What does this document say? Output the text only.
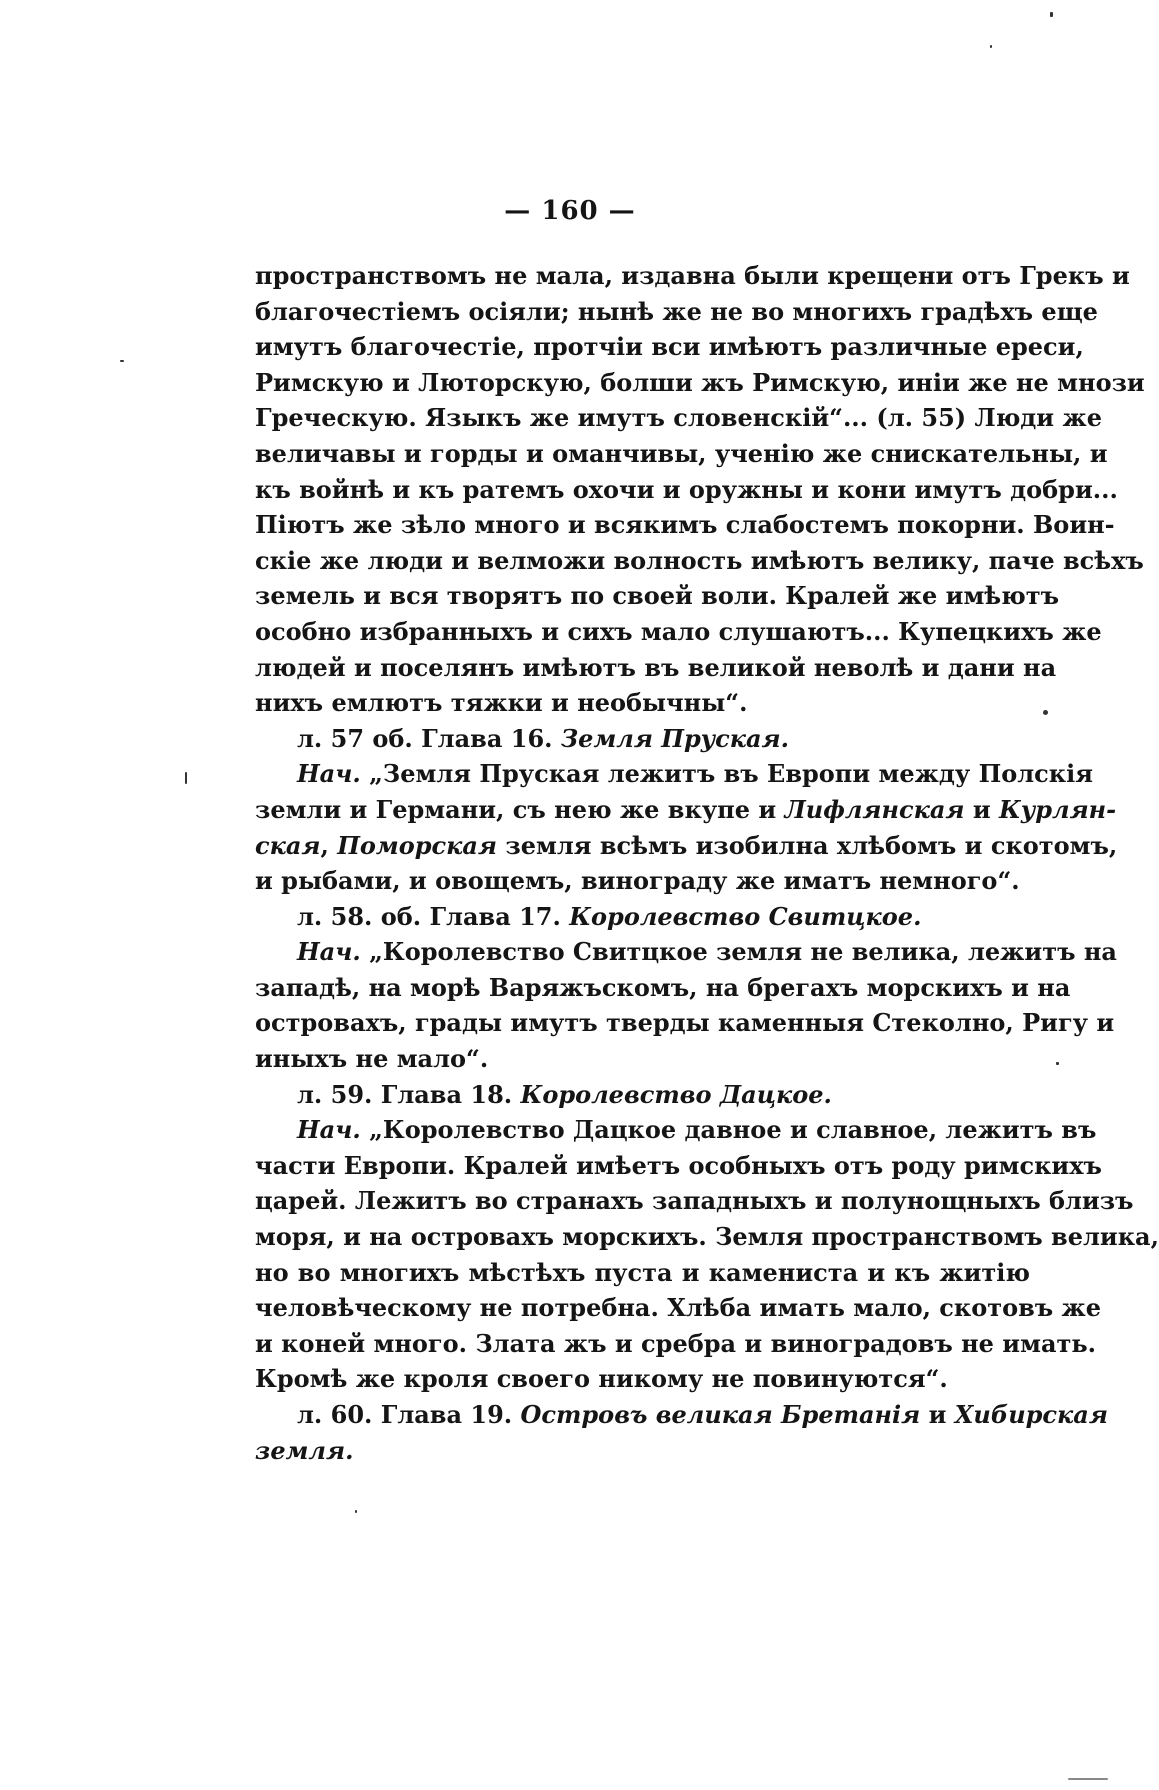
— 160 —
пространствомъ не мала, издавна были крещени отъ Грекъ и
благочестіемъ осіяли; нынѣ же не во многихъ градѣхъ еще
имутъ благочестіе, протчіи вси имѣютъ различные ереси,
Римскую и Люторскую, болши жъ Римскую, иніи же не мнози
Греческую. Языкъ же имутъ словенскій“... (л. 55) Люди же
величавы и горды и оманчивы, ученію же снискательны, и
къ войнѣ и къ ратемъ охочи и оружны и кони имутъ добри...
Піютъ же зѣло много и всякимъ слабостемъ покорни. Воин-
скіе же люди и велможи волность имѣютъ велику, паче всѣхъ
земель и вся творятъ по своей воли. Кралей же имѣютъ
особно избранныхъ и сихъ мало слушаютъ... Купецкихъ же
людей и поселянъ имѣютъ въ великой неволѣ и дани на
нихъ емлютъ тяжки и необычны“.
л. 57 об. Глава 16. Земля Пруская.
Нач. „Земля Пруская лежитъ въ Европи между Полскія
земли и Германи, съ нею же вкупе и Лифлянская и Курлян-
ская, Поморская земля всѣмъ изобилна хлѣбомъ и скотомъ,
и рыбами, и овощемъ, винограду же иматъ немного“.
л. 58. об. Глава 17. Королевство Свитцкое.
Нач. „Королевство Свитцкое земля не велика, лежитъ на
западѣ, на морѣ Варяжъскомъ, на брегахъ морскихъ и на
островахъ, грады имутъ тверды каменныя Стеколно, Ригу и
иныхъ не мало“.
л. 59. Глава 18. Королевство Дацкое.
Нач. „Королевство Дацкое давное и славное, лежитъ въ
части Европи. Кралей имѣетъ особныхъ отъ роду римскихъ
царей. Лежитъ во странахъ западныхъ и полунощныхъ близъ
моря, и на островахъ морскихъ. Земля пространствомъ велика,
но во многихъ мѣстѣхъ пуста и камениста и къ житію
человѣческому не потребна. Хлѣба имать мало, скотовъ же
и коней много. Злата жъ и сребра и виноградовъ не имать.
Кромѣ же кроля своего никому не повинуются“.
л. 60. Глава 19. Островъ великая Бретанія и Хибирская
земля.
